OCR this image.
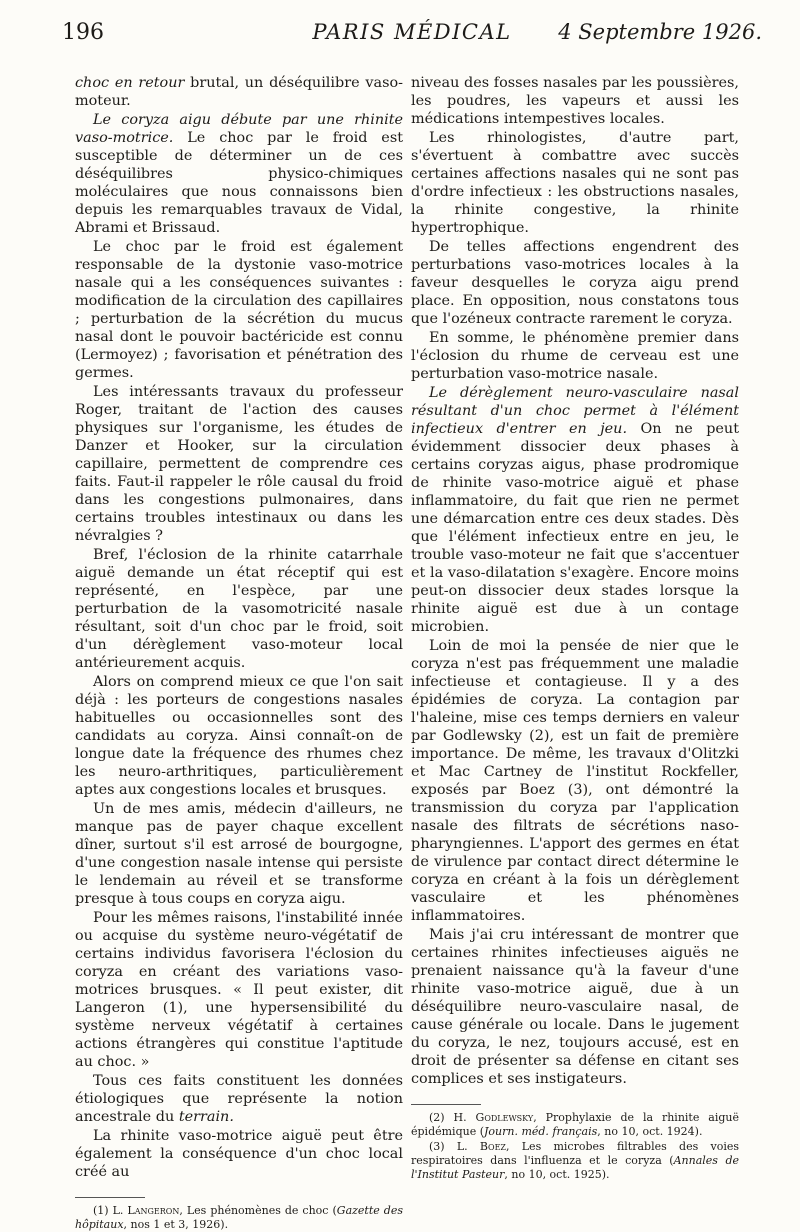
196	PARIS MÉDICAL	4 Septembre 1926.

choc en retour brutal, un déséquilibre vaso-moteur.

Le coryza aigu débute par une rhinite vaso-motrice. Le choc par le froid est susceptible de déterminer un de ces déséquilibres physico-chimiques moléculaires que nous connaissons bien depuis les remarquables travaux de Vidal, Abrami et Brissaud.

Le choc par le froid est également responsable de la dystonie vaso-motrice nasale qui a les conséquences suivantes : modification de la circulation des capillaires ; perturbation de la sécrétion du mucus nasal dont le pouvoir bactéricide est connu (Lermoyez) ; favorisation et pénétration des germes.

Les intéressants travaux du professeur Roger, traitant de l'action des causes physiques sur l'organisme, les études de Danzer et Hooker, sur la circulation capillaire, permettent de comprendre ces faits. Faut-il rappeler le rôle causal du froid dans les congestions pulmonaires, dans certains troubles intestinaux ou dans les névralgies ?

Bref, l'éclosion de la rhinite catarrhale aiguë demande un état réceptif qui est représenté, en l'espèce, par une perturbation de la vasomotricité nasale résultant, soit d'un choc par le froid, soit d'un dérèglement vaso-moteur local antérieurement acquis.

Alors on comprend mieux ce que l'on sait déjà : les porteurs de congestions nasales habituelles ou occasionnelles sont des candidats au coryza. Ainsi connaît-on de longue date la fréquence des rhumes chez les neuro-arthritiques, particulièrement aptes aux congestions locales et brusques.

Un de mes amis, médecin d'ailleurs, ne manque pas de payer chaque excellent dîner, surtout s'il est arrosé de bourgogne, d'une congestion nasale intense qui persiste le lendemain au réveil et se transforme presque à tous coups en coryza aigu.

Pour les mêmes raisons, l'instabilité innée ou acquise du système neuro-végétatif de certains individus favorisera l'éclosion du coryza en créant des variations vaso-motrices brusques. « Il peut exister, dit Langeron (1), une hypersensibilité du système nerveux végétatif à certaines actions étrangères qui constitue l'aptitude au choc. »

Tous ces faits constituent les données étiologiques que représente la notion ancestrale du terrain.

La rhinite vaso-motrice aiguë peut être également la conséquence d'un choc local créé au

(1) L. Langeron, Les phénomènes de choc (Gazette des hôpitaux, nos 1 et 3, 1926).

niveau des fosses nasales par les poussières, les poudres, les vapeurs et aussi les médications intempestives locales.

Les rhinologistes, d'autre part, s'évertuent à combattre avec succès certaines affections nasales qui ne sont pas d'ordre infectieux : les obstructions nasales, la rhinite congestive, la rhinite hypertrophique.

De telles affections engendrent des perturbations vaso-motrices locales à la faveur desquelles le coryza aigu prend place. En opposition, nous constatons tous que l'ozéneux contracte rarement le coryza.

En somme, le phénomène premier dans l'éclosion du rhume de cerveau est une perturbation vaso-motrice nasale.

Le dérèglement neuro-vasculaire nasal résultant d'un choc permet à l'élément infectieux d'entrer en jeu. On ne peut évidemment dissocier deux phases à certains coryzas aigus, phase prodromique de rhinite vaso-motrice aiguë et phase inflammatoire, du fait que rien ne permet une démarcation entre ces deux stades. Dès que l'élément infectieux entre en jeu, le trouble vaso-moteur ne fait que s'accentuer et la vaso-dilatation s'exagère. Encore moins peut-on dissocier deux stades lorsque la rhinite aiguë est due à un contage microbien.

Loin de moi la pensée de nier que le coryza n'est pas fréquemment une maladie infectieuse et contagieuse. Il y a des épidémies de coryza. La contagion par l'haleine, mise ces temps derniers en valeur par Godlewsky (2), est un fait de première importance. De même, les travaux d'Olitzki et Mac Cartney de l'institut Rockfeller, exposés par Boez (3), ont démontré la transmission du coryza par l'application nasale des filtrats de sécrétions naso-pharyngiennes. L'apport des germes en état de virulence par contact direct détermine le coryza en créant à la fois un dérèglement vasculaire et les phénomènes inflammatoires.

Mais j'ai cru intéressant de montrer que certaines rhinites infectieuses aiguës ne prenaient naissance qu'à la faveur d'une rhinite vaso-motrice aiguë, due à un déséquilibre neuro-vasculaire nasal, de cause générale ou locale. Dans le jugement du coryza, le nez, toujours accusé, est en droit de présenter sa défense en citant ses complices et ses instigateurs.

(2) H. Godlewsky, Prophylaxie de la rhinite aiguë épidémique (Journ. méd. français, no 10, oct. 1924).

(3) L. Boez, Les microbes filtrables des voies respiratoires dans l'influenza et le coryza (Annales de l'Institut Pasteur, no 10, oct. 1925).
